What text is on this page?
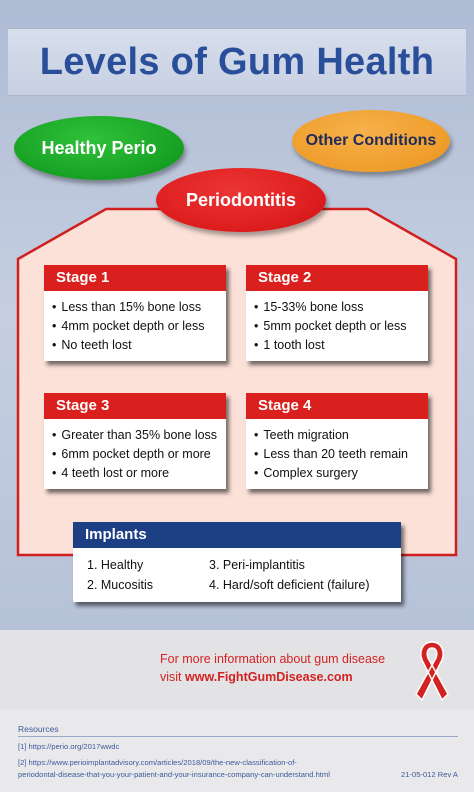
Levels of Gum Health
Healthy Perio	Other Conditions
Periodontitis
Stage 1
• Less than 15% bone loss
• 4mm pocket depth or less
• No teeth lost
Stage 2
• 15-33% bone loss
• 5mm pocket depth or less
• 1 tooth lost
Stage 3
• Greater than 35% bone loss
• 6mm pocket depth or more
• 4 teeth lost or more
Stage 4
• Teeth migration
• Less than 20 teeth remain
• Complex surgery
Implants
1. Healthy
2. Mucositis
3. Peri-implantitis
4. Hard/soft deficient (failure)
For more information about gum disease
visit www.FightGumDisease.com
Resources
[1] https://perio.org/2017wwdc
[2] https://www.perioimplantadvisory.com/articles/2018/09/the-new-classification-of-
periodontal-disease-that-you-your-patient-and-your-insurance-company-can-understand.html	21-05-012 Rev A
